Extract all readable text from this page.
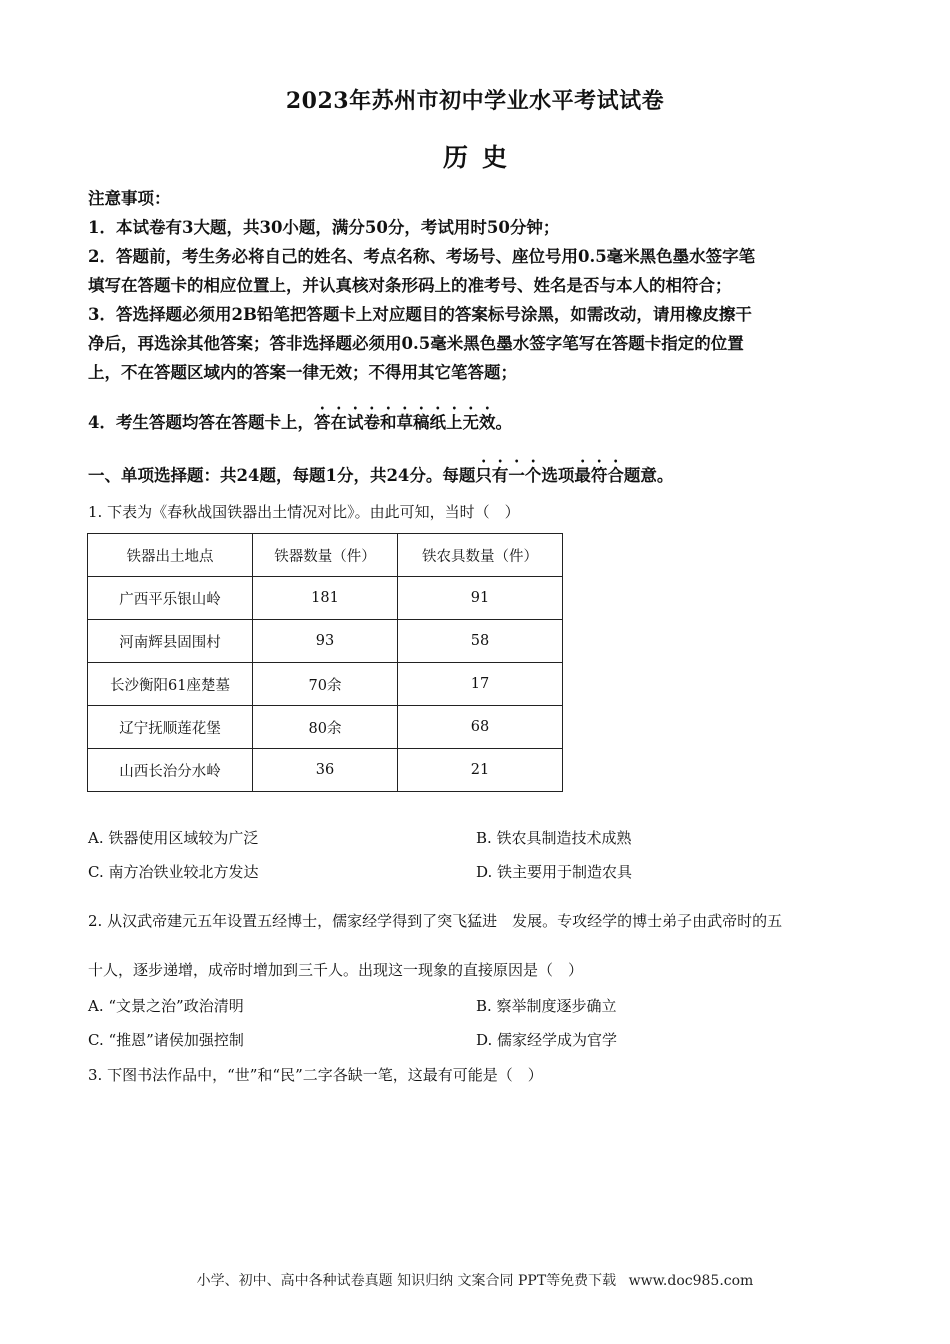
2023年苏州市初中学业水平考试试卷
历史

注意事项：

1．本试卷有3大题，共30小题，满分50分，考试用时50分钟；

2．答题前，考生务必将自己的姓名、考点名称、考场号、座位号用0.5毫米黑色墨水签字笔

填写在答题卡的相应位置上，并认真核对条形码上的准考号、姓名是否与本人的相符合；

3．答选择题必须用2B铅笔把答题卡上对应题目的答案标号涂黑，如需改动，请用橡皮擦干

净后，再选涂其他答案；答非选择题必须用0.5毫米黑色墨水签字笔写在答题卡指定的位置

上，不在答题区域内的答案一律无效；不得用其它笔答题；

4．考生答题均答在答题卡上，答在试卷和草稿纸上无效。

一、单项选择题：共24题，每题1分，共24分。每题只有一个选项最符合题意。
1. 下表为《春秋战国铁器出土情况对比》。由此可知，当时（　）
铁器出土地点	铁器数量（件）	铁农具数量（件）
广西平乐银山岭	181	91
河南辉县固围村	93	58
长沙衡阳61座楚墓	70余	17
辽宁抚顺莲花堡	80余	68
山西长治分水岭	36	21
A. 铁器使用区域较为广泛	B. 铁农具制造技术成熟
C. 南方冶铁业较北方发达	D. 铁主要用于制造农具
2. 从汉武帝建元五年设置五经博士，儒家经学得到了突飞猛进　发展。专攻经学的博士弟子由武帝时的五
十人，逐步递增，成帝时增加到三千人。出现这一现象的直接原因是（　）
A. “文景之治”政治清明	B. 察举制度逐步确立
C. “推恩”诸侯加强控制	D. 儒家经学成为官学
3. 下图书法作品中，“世”和“民”二字各缺一笔，这最有可能是（　）
小学、初中、高中各种试卷真题 知识归纳 文案合同 PPT等免费下载 www.doc985.com
